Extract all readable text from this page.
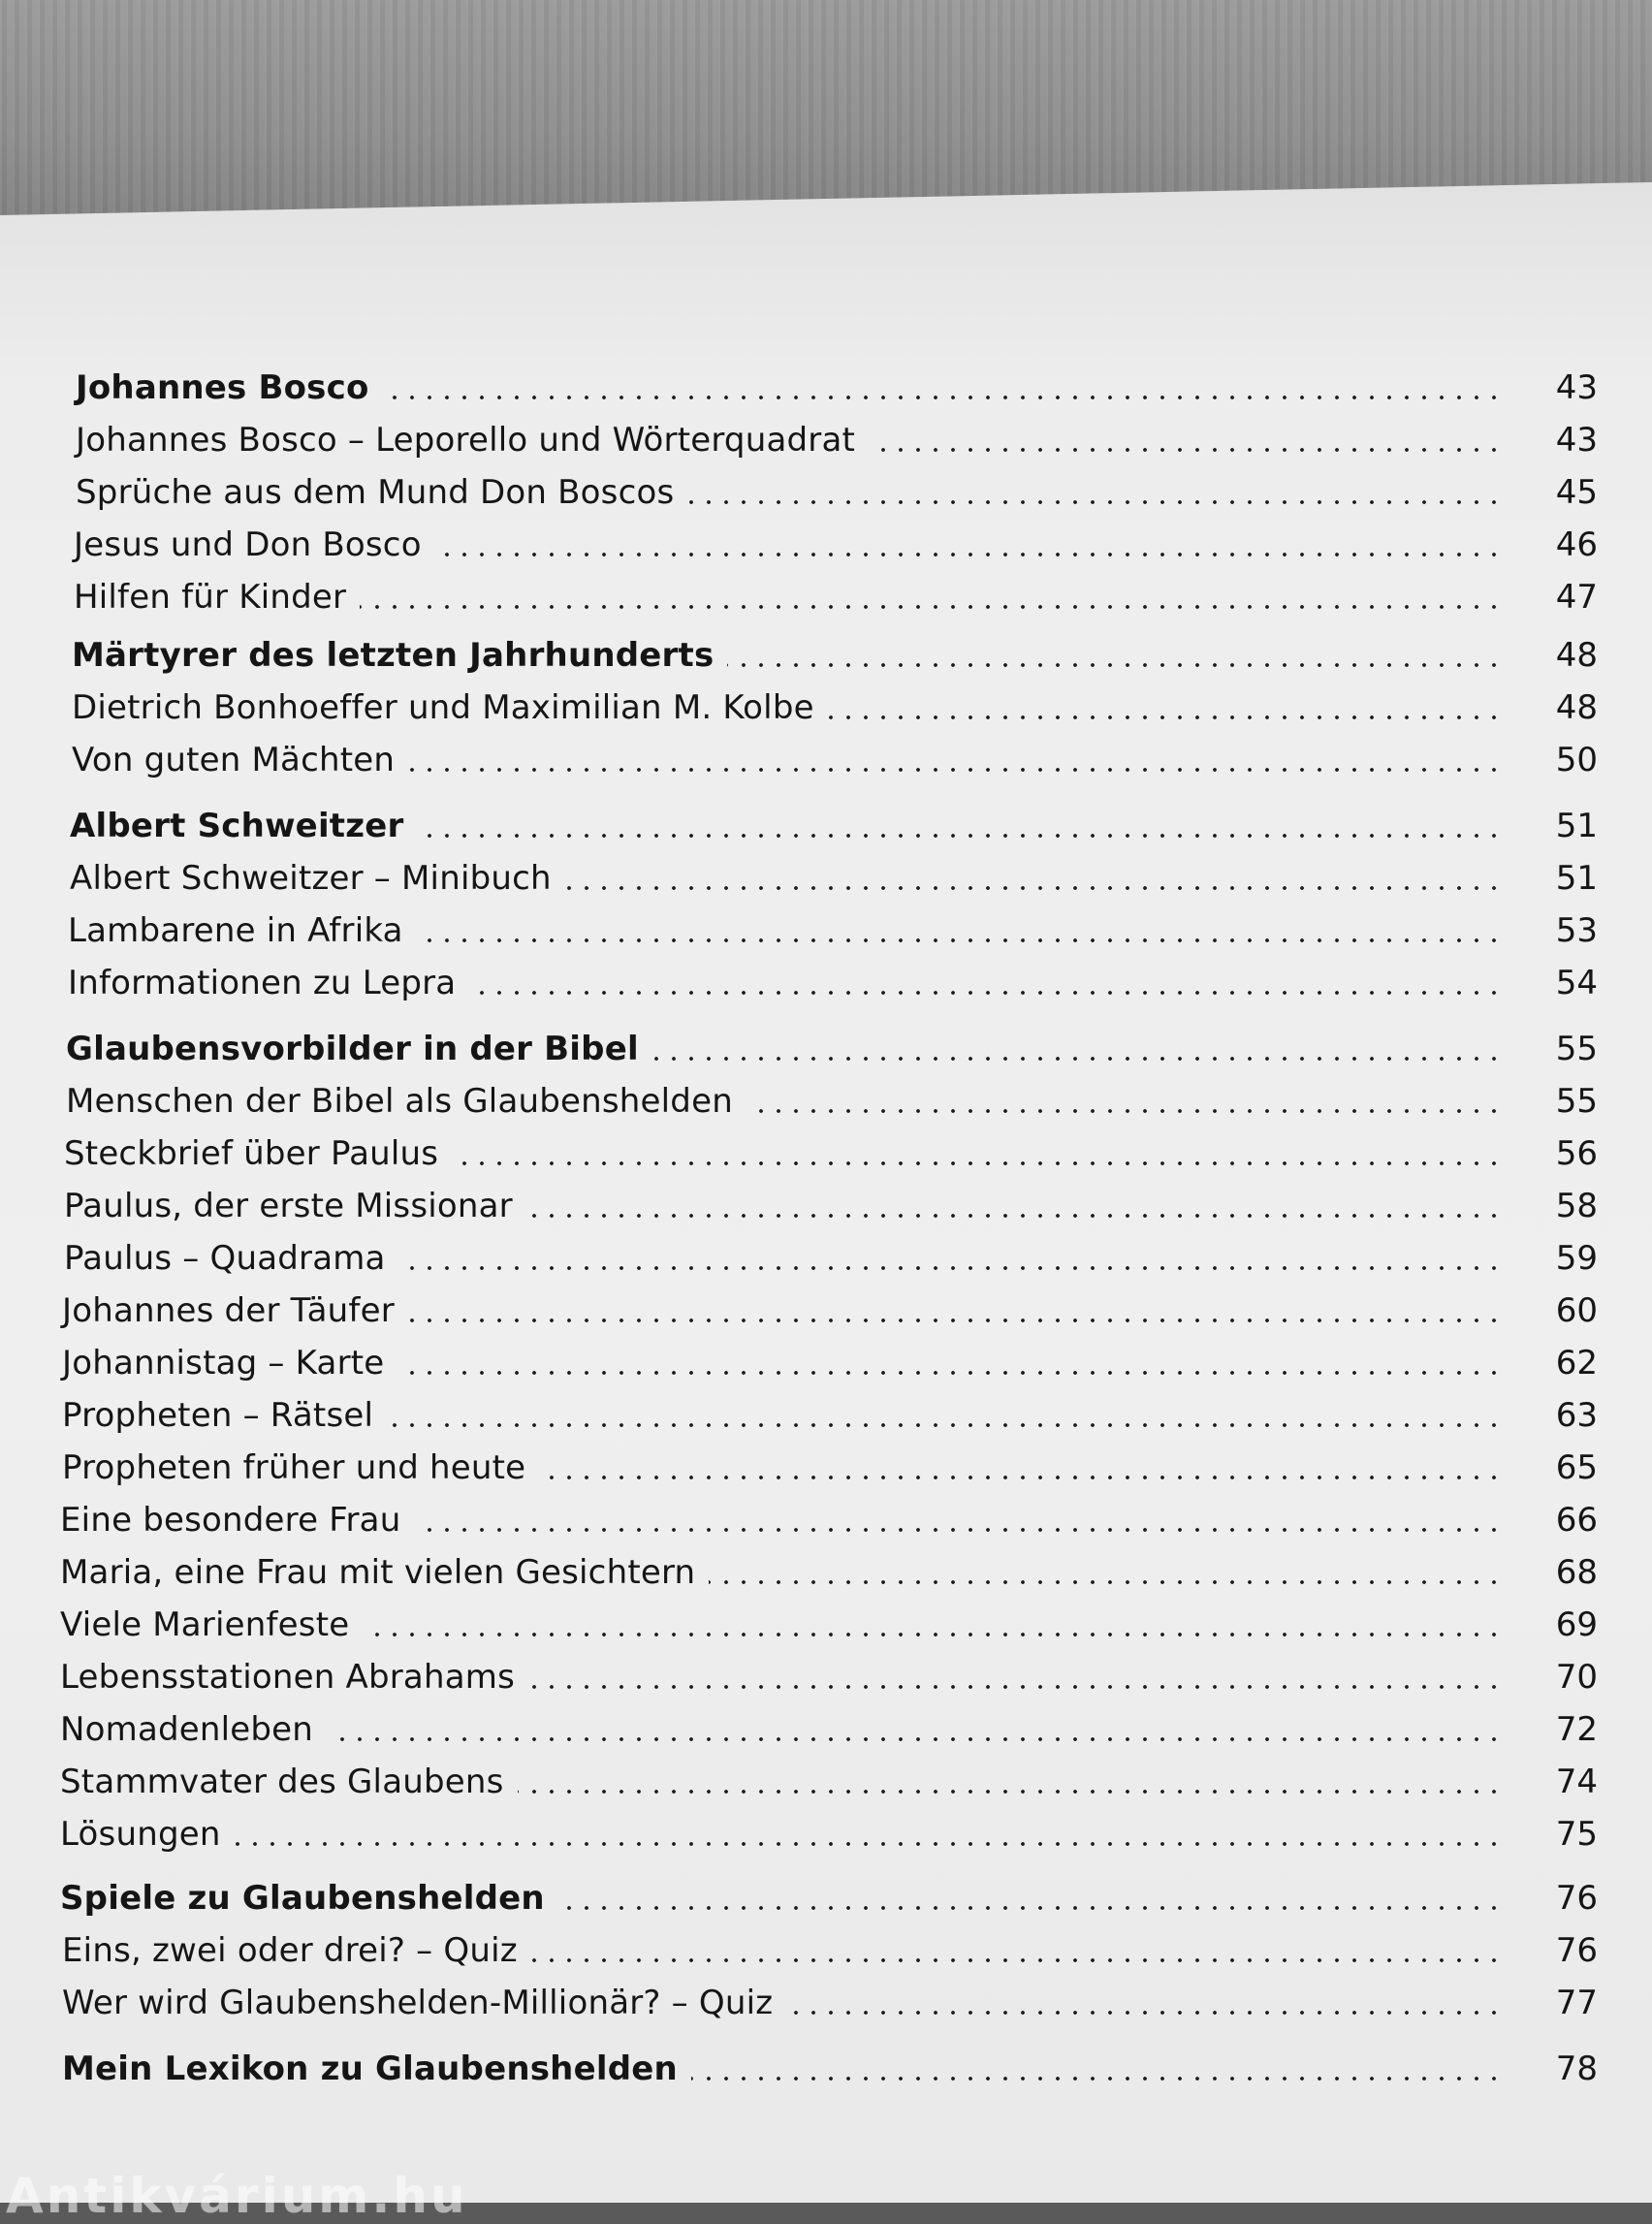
Johannes Bosco	43
Johannes Bosco – Leporello und Wörterquadrat	43
Sprüche aus dem Mund Don Boscos	45
Jesus und Don Bosco	46
Hilfen für Kinder	47
Märtyrer des letzten Jahrhunderts	48
Dietrich Bonhoeffer und Maximilian M. Kolbe	48
Von guten Mächten	50
Albert Schweitzer	51
Albert Schweitzer – Minibuch	51
Lambarene in Afrika	53
Informationen zu Lepra	54
Glaubensvorbilder in der Bibel	55
Menschen der Bibel als Glaubenshelden	55
Steckbrief über Paulus	56
Paulus, der erste Missionar	58
Paulus – Quadrama	59
Johannes der Täufer	60
Johannistag – Karte	62
Propheten – Rätsel	63
Propheten früher und heute	65
Eine besondere Frau	66
Maria, eine Frau mit vielen Gesichtern	68
Viele Marienfeste	69
Lebensstationen Abrahams	70
Nomadenleben	72
Stammvater des Glaubens	74
Lösungen	75
Spiele zu Glaubenshelden	76
Eins, zwei oder drei? – Quiz	76
Wer wird Glaubenshelden-Millionär? – Quiz	77
Mein Lexikon zu Glaubenshelden	78
Antikvárium.hu
